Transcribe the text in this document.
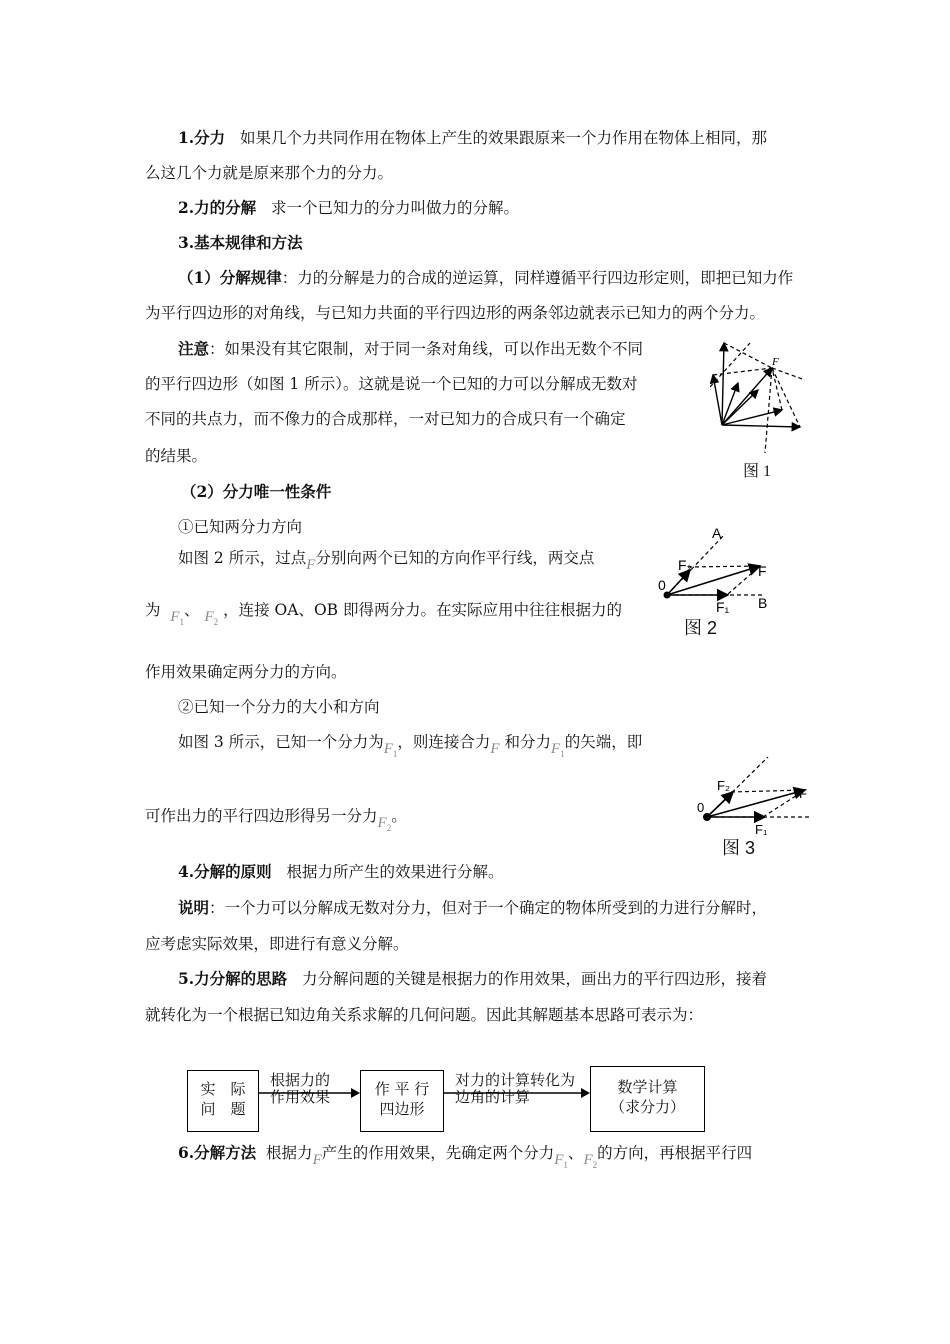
1.分力 如果几个力共同作用在物体上产生的效果跟原来一个力作用在物体上相同，那
么这几个力就是原来那个力的分力。
2.力的分解 求一个已知力的分力叫做力的分解。
3.基本规律和方法
（1）分解规律：力的分解是力的合成的逆运算，同样遵循平行四边形定则，即把已知力作
为平行四边形的对角线，与已知力共面的平行四边形的两条邻边就表示已知力的两个分力。
注意：如果没有其它限制，对于同一条对角线，可以作出无数个不同
的平行四边形（如图 1 所示）。这就是说一个已知的力可以分解成无数对
不同的共点力，而不像力的合成那样，一对已知力的合成只有一个确定
的结果。
F
图 1
（2）分力唯一性条件
①已知两分力方向
如图 2 所示，过点F分别向两个已知的方向作平行线，两交点
为 $F_1$、 $F_2$ ，连接 OA、OB 即得两分力。在实际应用中往往根据力的
作用效果确定两分力的方向。
A
B
0
F
F₁
F₂
图 2
②已知一个分力的大小和方向
如图 3 所示，已知一个分力为$F_1$，则连接合力F 和分力$F_1$的矢端，即
可作出力的平行四边形得另一分力$F_2$。	0
F
F₁
F₂
图 3
4.分解的原则 根据力所产生的效果进行分解。
说明：一个力可以分解成无数对分力，但对于一个确定的物体所受到的力进行分解时，
应考虑实际效果，即进行有意义分解。
5.力分解的思路 力分解问题的关键是根据力的作用效果，画出力的平行四边形，接着
就转化为一个根据已知边角关系求解的几何问题。因此其解题基本思路可表示为：
实　际
问　题
根据力的
作用效果	作 平 行
四边形
对力的计算转化为
边角的计算
数学计算
（求分力）
6.分解方法 根据力F产生的作用效果，先确定两个分力$F_1$、$F_2$的方向，再根据平行四
